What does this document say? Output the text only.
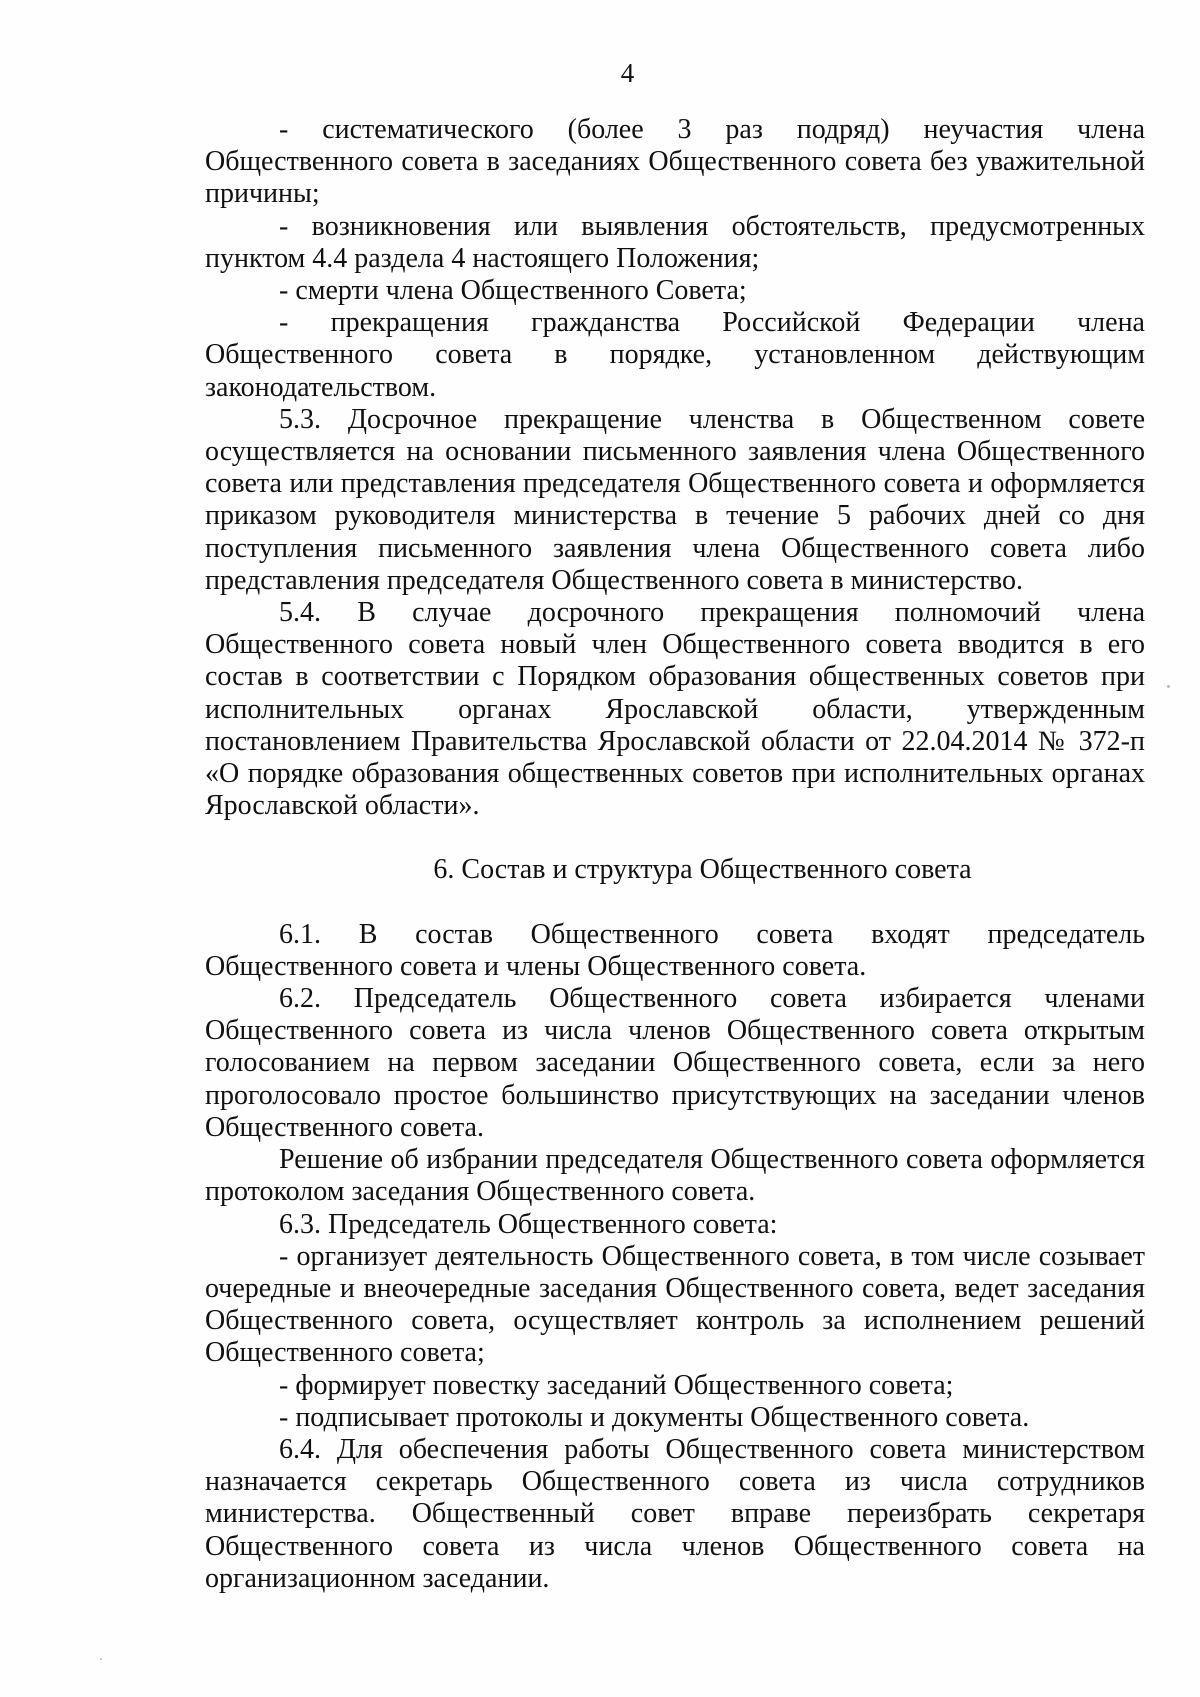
4

- систематического (более 3 раз подряд) неучастия члена Общественного совета в заседаниях Общественного совета без уважительной причины;

- возникновения или выявления обстоятельств, предусмотренных пунктом 4.4 раздела 4 настоящего Положения;

- смерти члена Общественного Совета;

- прекращения гражданства Российской Федерации члена Общественного совета в порядке, установленном действующим законодательством.

5.3. Досрочное прекращение членства в Общественном совете осуществляется на основании письменного заявления члена Общественного совета или представления председателя Общественного совета и оформляется приказом руководителя министерства в течение 5 рабочих дней со дня поступления письменного заявления члена Общественного совета либо представления председателя Общественного совета в министерство.

5.4. В случае досрочного прекращения полномочий члена Общественного совета новый член Общественного совета вводится в его состав в соответствии с Порядком образования общественных советов при исполнительных органах Ярославской области, утвержденным постановлением Правительства Ярославской области от 22.04.2014 № 372-п «О порядке образования общественных советов при исполнительных органах Ярославской области».

6. Состав и структура Общественного совета

6.1. В состав Общественного совета входят председатель Общественного совета и члены Общественного совета.

6.2. Председатель Общественного совета избирается членами Общественного совета из числа членов Общественного совета открытым голосованием на первом заседании Общественного совета, если за него проголосовало простое большинство присутствующих на заседании членов Общественного совета.

Решение об избрании председателя Общественного совета оформляется протоколом заседания Общественного совета.

6.3. Председатель Общественного совета:

- организует деятельность Общественного совета, в том числе созывает очередные и внеочередные заседания Общественного совета, ведет заседания Общественного совета, осуществляет контроль за исполнением решений Общественного совета;

- формирует повестку заседаний Общественного совета;

- подписывает протоколы и документы Общественного совета.

6.4. Для обеспечения работы Общественного совета министерством назначается секретарь Общественного совета из числа сотрудников министерства. Общественный совет вправе переизбрать секретаря Общественного совета из числа членов Общественного совета на организационном заседании.
